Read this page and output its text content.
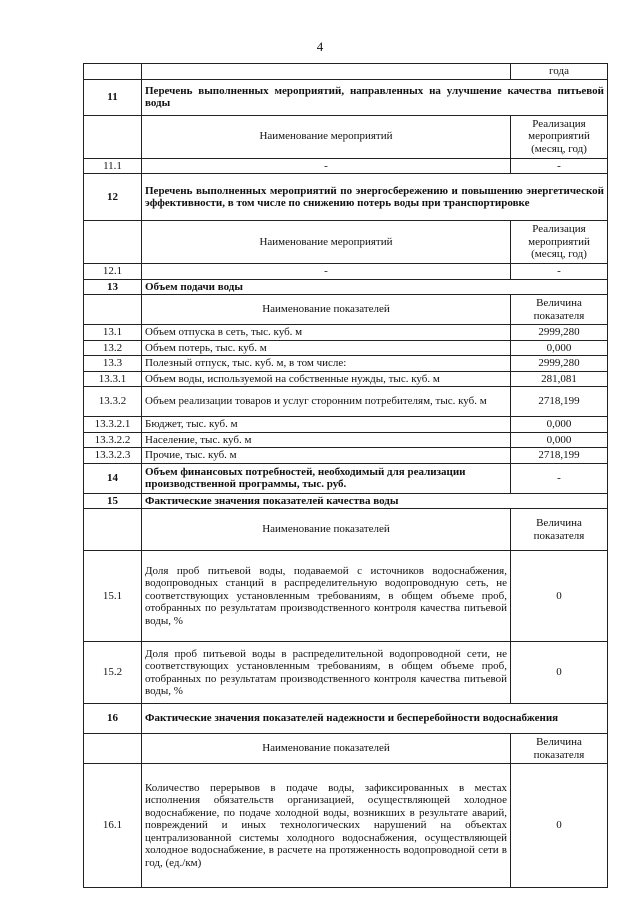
4
		года
11	Перечень выполненных мероприятий, направленных на улучшение качества питьевой воды	
	Наименование мероприятий	Реализация мероприятий (месяц, год)
11.1	-	-
12	Перечень выполненных мероприятий по энергосбережению и повышению энергетической эффективности, в том числе по снижению потерь воды при транспортировке	
	Наименование мероприятий	Реализация мероприятий (месяц, год)
12.1	-	-
13	Объем подачи воды	
	Наименование показателей	Величина показателя
13.1	Объем отпуска в сеть, тыс. куб. м	2999,280
13.2	Объем потерь, тыс. куб. м	0,000
13.3	Полезный отпуск, тыс. куб. м, в том числе:	2999,280
13.3.1	Объем воды, используемой на собственные нужды, тыс. куб. м	281,081
13.3.2	Объем реализации товаров и услуг сторонним потребителям, тыс. куб. м	2718,199
13.3.2.1	Бюджет, тыс. куб. м	0,000
13.3.2.2	Население, тыс. куб. м	0,000
13.3.2.3	Прочие, тыс. куб. м	2718,199
14	Объем финансовых потребностей, необходимый для реализации производственной программы, тыс. руб.	-
15	Фактические значения показателей качества воды	
	Наименование показателей	Величина показателя
15.1	Доля проб питьевой воды, подаваемой с источников водоснабжения, водопроводных станций в распределительную водопроводную сеть, не соответствующих установленным требованиям, в общем объеме проб, отобранных по результатам производственного контроля качества питьевой воды, %	0
15.2	Доля проб питьевой воды в распределительной водопроводной сети, не соответствующих установленным требованиям, в общем объеме проб, отобранных по результатам производственного контроля качества питьевой воды, %	0
16	Фактические значения показателей надежности и бесперебойности водоснабжения	
	Наименование показателей	Величина показателя
16.1	Количество перерывов в подаче воды, зафиксированных в местах исполнения обязательств организацией, осуществляющей холодное водоснабжение, по подаче холодной воды, возникших в результате аварий, повреждений и иных технологических нарушений на объектах централизованной системы холодного водоснабжения, осуществляющей холодное водоснабжение, в расчете на протяженность водопроводной сети в год, (ед./км)	0
